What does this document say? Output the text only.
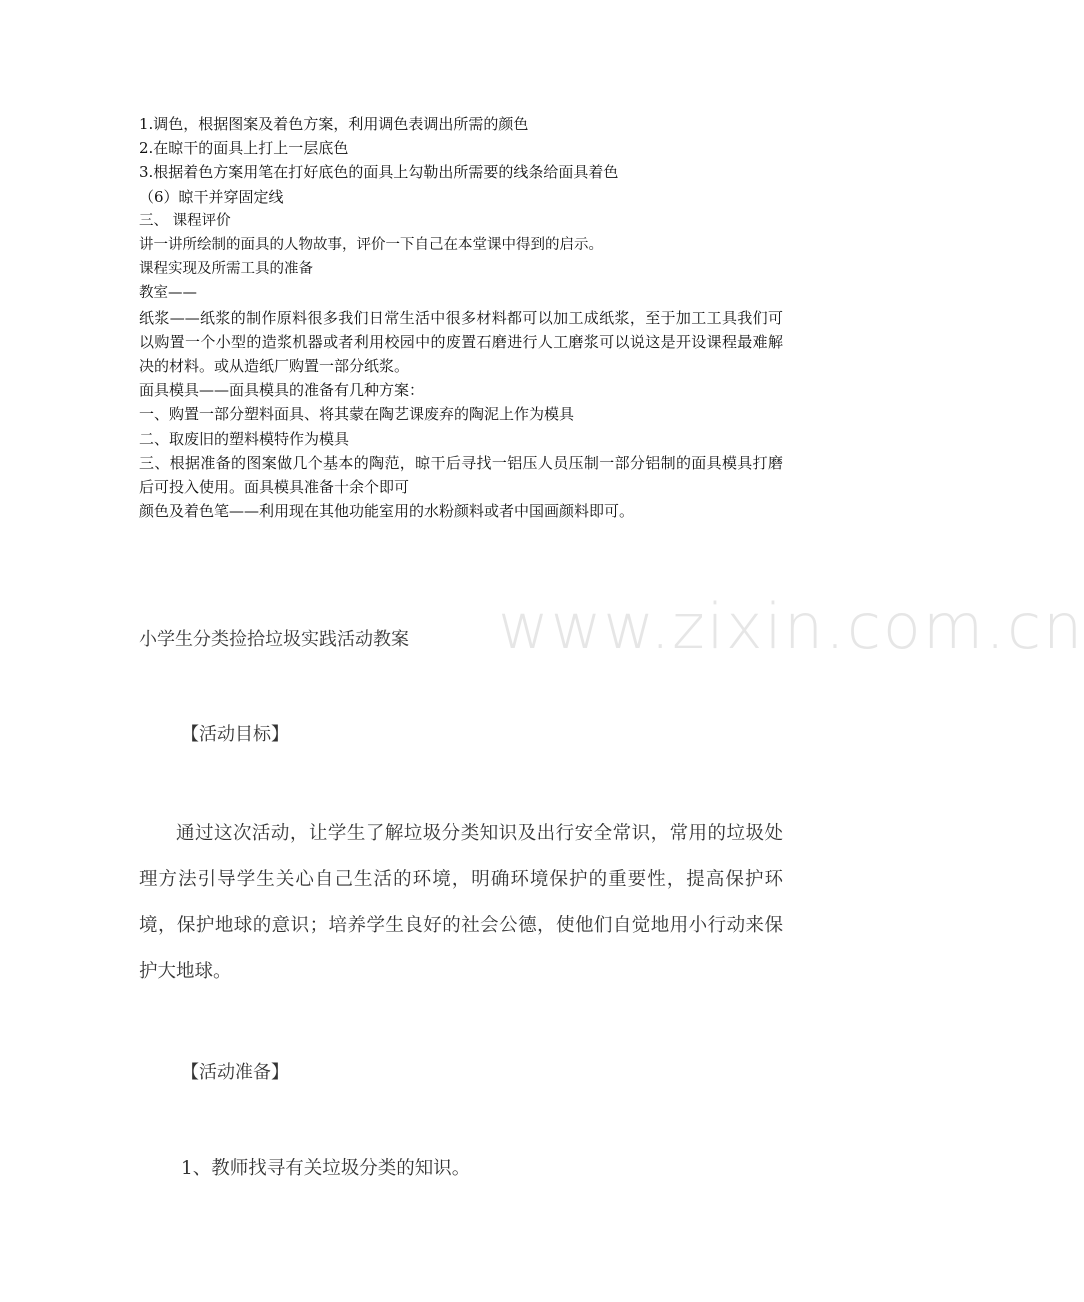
1.调色，根据图案及着色方案，利用调色表调出所需的颜色
2.在晾干的面具上打上一层底色
3.根据着色方案用笔在打好底色的面具上勾勒出所需要的线条给面具着色
（6）晾干并穿固定线
三、 课程评价
讲一讲所绘制的面具的人物故事，评价一下自己在本堂课中得到的启示。
课程实现及所需工具的准备
教室——
纸浆——纸浆的制作原料很多我们日常生活中很多材料都可以加工成纸浆，至于加工工具我们可以购置一个小型的造浆机器或者利用校园中的废置石磨进行人工磨浆可以说这是开设课程最难解决的材料。或从造纸厂购置一部分纸浆。
面具模具——面具模具的准备有几种方案：
一、购置一部分塑料面具、将其蒙在陶艺课废弃的陶泥上作为模具
二、取废旧的塑料模特作为模具
三、根据准备的图案做几个基本的陶范，晾干后寻找一铝压人员压制一部分铝制的面具模具打磨后可投入使用。面具模具准备十余个即可
颜色及着色笔——利用现在其他功能室用的水粉颜料或者中国画颜料即可。
www.zixin.com.cn
小学生分类捡拾垃圾实践活动教案
【活动目标】
通过这次活动，让学生了解垃圾分类知识及出行安全常识，常用的垃圾处理方法引导学生关心自己生活的环境，明确环境保护的重要性，提高保护环境，保护地球的意识；培养学生良好的社会公德，使他们自觉地用小行动来保护大地球。
【活动准备】
1、教师找寻有关垃圾分类的知识。
